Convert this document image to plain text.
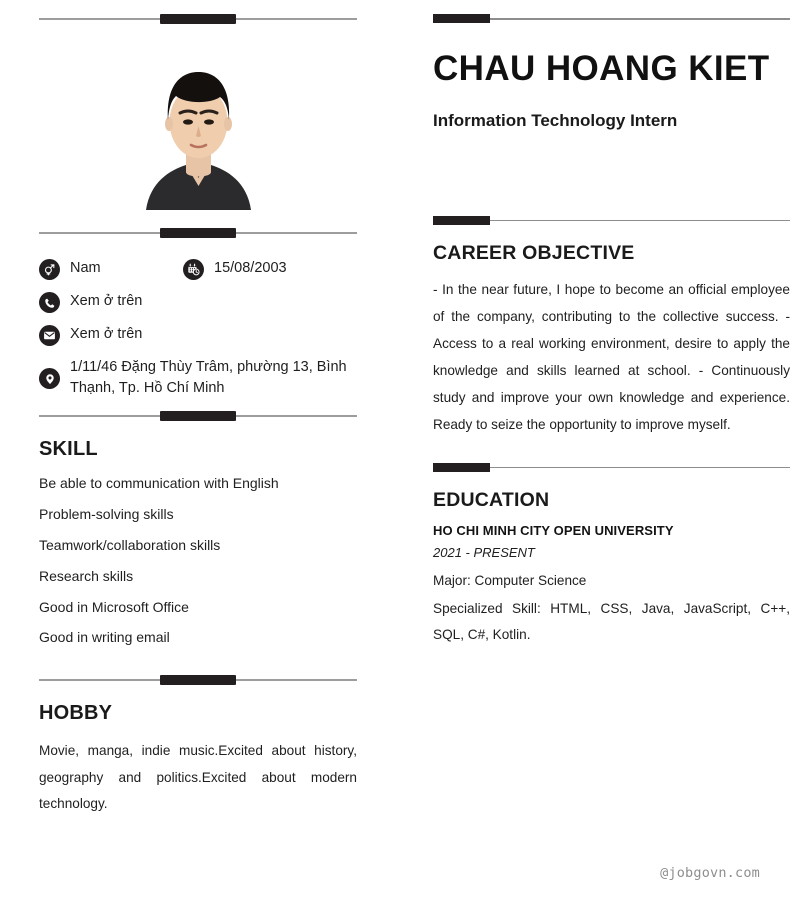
Nam	15/08/2003
Xem ở trên
Xem ở trên
1/11/46 Đặng Thùy Trâm, phường 13, Bình Thạnh, Tp. Hồ Chí Minh
SKILL
Be able to communication with English
Problem-solving skills
Teamwork/collaboration skills
Research skills
Good in Microsoft Office
Good in writing email
HOBBY

Movie, manga, indie music.Excited about history, geography and politics.Excited about modern technology.

CHAU HOANG KIET
Information Technology Intern
CAREER OBJECTIVE

- In the near future, I hope to become an official employee of the company, contributing to the collective success. - Access to a real working environment, desire to apply the knowledge and skills learned at school. - Continuously study and improve your own knowledge and experience. Ready to seize the opportunity to improve myself.

EDUCATION
HO CHI MINH CITY OPEN UNIVERSITY
2021 - PRESENT
Major: Computer Science
Specialized Skill: HTML, CSS, Java, JavaScript, C++, SQL, C#, Kotlin.
@jobgovn.com
